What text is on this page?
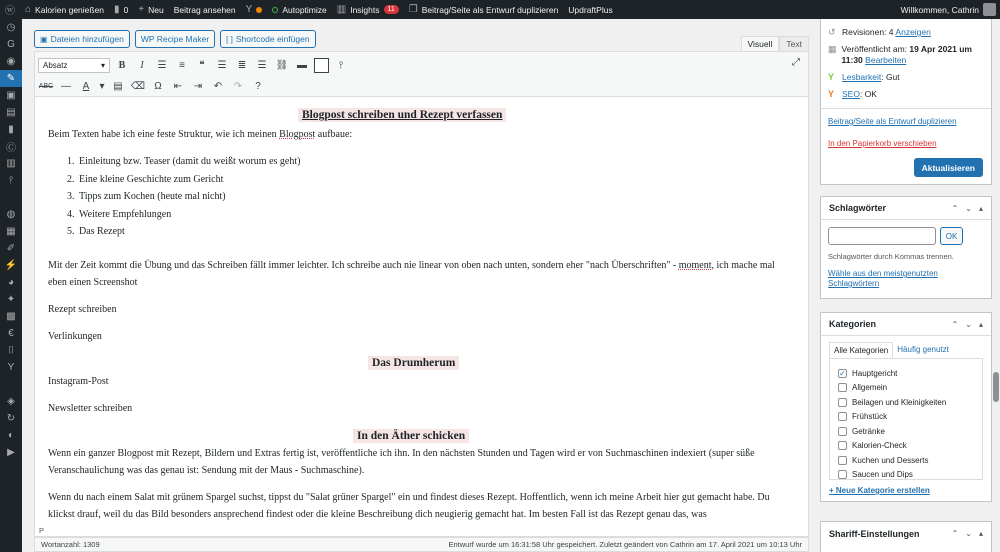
ⓦ ⌂ Kalorien genießen ▮ 0 + Neu Beitrag ansehen Y	Autoptimize ▥ Insights	11	❐ Beitrag/Seite als Entwurf duplizieren UpdraftPlus	Willkommen, Cathrin
◷
G
◉
✎
▣
▤
▮
Ⓒ
▥
⫯
◍
▦
✐
⚡
◕
✦
▩
€
⌷
Y
◈
↻
◐
▶
▣ Dateien hinzufügen WP Recipe Maker [ ] Shortcode einfügen	Visuell	Text
Absatz	▾	B	I	☰	≡	❝	☰	≣	☰ ⛓ ▬	⫯
ABC —	A	▾ ▤ ⌫ Ω	⇤	⇥	↶	↷	?
⤢
Blogpost schreiben und Rezept verfassen

Beim Texten habe ich eine feste Struktur, wie ich meinen Blogpost aufbaue:

1. Einleitung bzw. Teaser (damit du weißt worum es geht)
2. Eine kleine Geschichte zum Gericht
3. Tipps zum Kochen (heute mal nicht)
4. Weitere Empfehlungen
5. Das Rezept

Mit der Zeit kommt die Übung und das Schreiben fällt immer leichter. Ich schreibe auch nie linear von oben nach unten, sondern eher "nach Überschriften" - moment, ich mache mal eben einen Screenshot

Rezept schreiben

Verlinkungen

Das Drumherum

Instagram-Post

Newsletter schreiben

In den Äther schicken

Wenn ein ganzer Blogpost mit Rezept, Bildern und Extras fertig ist, veröffentliche ich ihn. In den nächsten Stunden und Tagen wird er von Suchmaschinen indexiert (super süße Veranschaulichung was das genau ist: Sendung mit der Maus - Suchmaschine).

Wenn du nach einem Salat mit grünem Spargel suchst, tippst du "Salat grüner Spargel" ein und findest dieses Rezept. Hoffentlich, wenn ich meine Arbeit hier gut gemacht habe. Du klickst drauf, weil du das Bild besonders ansprechend findest oder die kleine Beschreibung dich neugierig gemacht hat. Im besten Fall ist das Rezept genau das, was

P
Wortanzahl: 1309	Entwurf wurde um 16:31:58 Uhr gespeichert. Zuletzt geändert von Cathrin am 17. April 2021 um 10:13 Uhr
↺ Revisionen: 4 Anzeigen
▦ Veröffentlicht am: 19 Apr 2021 um 11:30 Bearbeiten
Y Lesbarkeit: Gut
Y SEO: OK
Beitrag/Seite als Entwurf duplizieren
In den Papierkorb verschieben
Aktualisieren
Schlagwörter	⌃ ⌄ ▴
OK
Schlagwörter durch Kommas trennen.
Wähle aus den meistgenutzten Schlagwörtern
Kategorien	⌃ ⌄ ▴
Alle Kategorien	Häufig genutzt
✓ Hauptgericht
Allgemein
Beilagen und Kleinigkeiten
Frühstück
Getränke
Kalorien-Check
Kuchen und Desserts
Saucen und Dips
+ Neue Kategorie erstellen
Shariff-Einstellungen	⌃ ⌄ ▴
